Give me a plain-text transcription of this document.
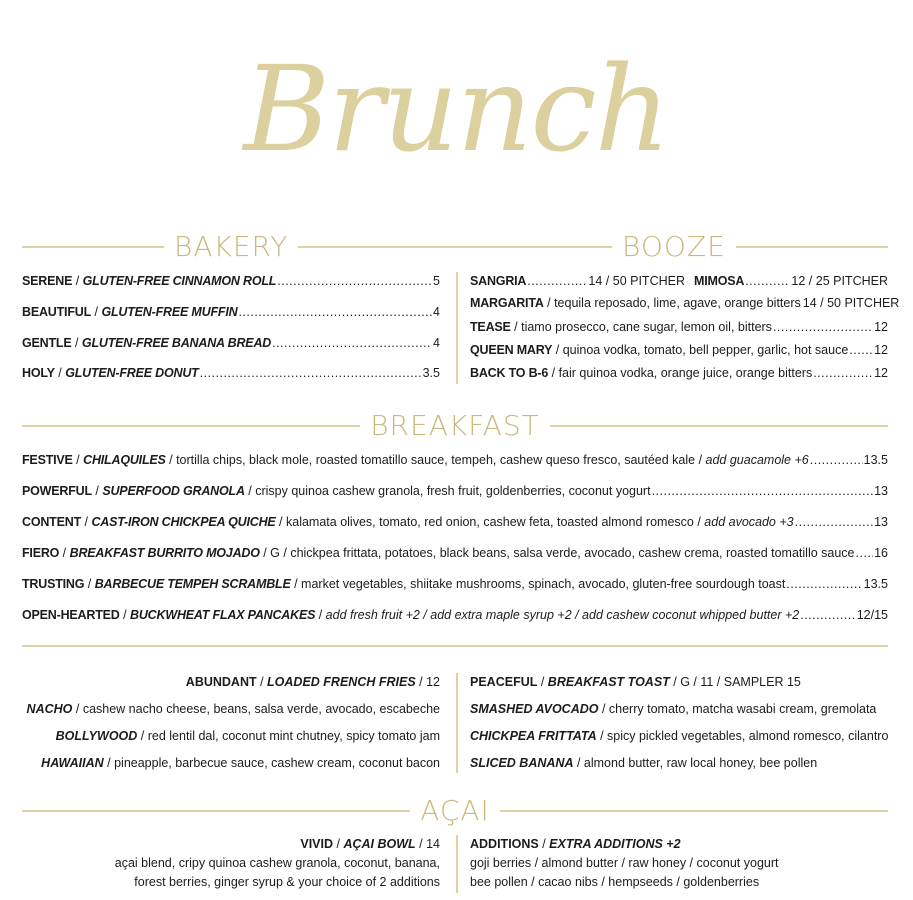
Brunch
BAKERY	BOOZE
SERENE / GLUTEN-FREE CINNAMON ROLL .....	5
BEAUTIFUL / GLUTEN-FREE MUFFIN .....	4
GENTLE / GLUTEN-FREE BANANA BREAD .....	4
HOLY / GLUTEN-FREE DONUT .....	3.5
SANGRIA .....	14 / 50 PITCHER MIMOSA .....	12 / 25 PITCHER
MARGARITA / tequila reposado, lime, agave, orange bitters 14 / 50 PITCHER
TEASE / tiamo prosecco, cane sugar, lemon oil, bitters .....	12
QUEEN MARY / quinoa vodka, tomato, bell pepper, garlic, hot sauce ..... 12
BACK TO B-6 / fair quinoa vodka, orange juice, orange bitters .....	12
BREAKFAST
FESTIVE / CHILAQUILES / tortilla chips, black mole, roasted tomatillo sauce, tempeh, cashew queso fresco, sautéed kale /
add guacamole +6 .....	13.5
POWERFUL / SUPERFOOD GRANOLA / crispy quinoa cashew granola, fresh fruit, goldenberries, coconut yogurt .....	13
CONTENT / CAST-IRON CHICKPEA QUICHE / kalamata olives, tomato, red onion, cashew feta, toasted almond romesco /
add avocado +3 .....	13
FIERO / BREAKFAST BURRITO MOJADO / G / chickpea frittata, potatoes, black beans, salsa verde, avocado, cashew crema, roasted tomatillo sauce ..... 16
TRUSTING / BARBECUE TEMPEH SCRAMBLE / market vegetables, shiitake mushrooms, spinach, avocado, gluten-free sourdough toast .....	13.5
OPEN-HEARTED / BUCKWHEAT FLAX PANCAKES / add fresh fruit +2 / add extra maple syrup +2 / add cashew coconut whipped butter +2 .....	12/15
ABUNDANT / LOADED FRENCH FRIES / 12
NACHO / cashew nacho cheese, beans, salsa verde, avocado, escabeche
BOLLYWOOD / red lentil dal, coconut mint chutney, spicy tomato jam
HAWAIIAN / pineapple, barbecue sauce, cashew cream, coconut bacon
PEACEFUL / BREAKFAST TOAST / G / 11 / SAMPLER 15
SMASHED AVOCADO / cherry tomato, matcha wasabi cream, gremolata
CHICKPEA FRITTATA / spicy pickled vegetables, almond romesco, cilantro
SLICED BANANA / almond butter, raw local honey, bee pollen
AÇAI
VIVID / AÇAI BOWL / 14
açai blend, cripy quinoa cashew granola, coconut, banana,
forest berries, ginger syrup & your choice of 2 additions
ADDITIONS / EXTRA ADDITIONS +2
goji berries / almond butter / raw honey / coconut yogurt
bee pollen / cacao nibs / hempseeds / goldenberries
